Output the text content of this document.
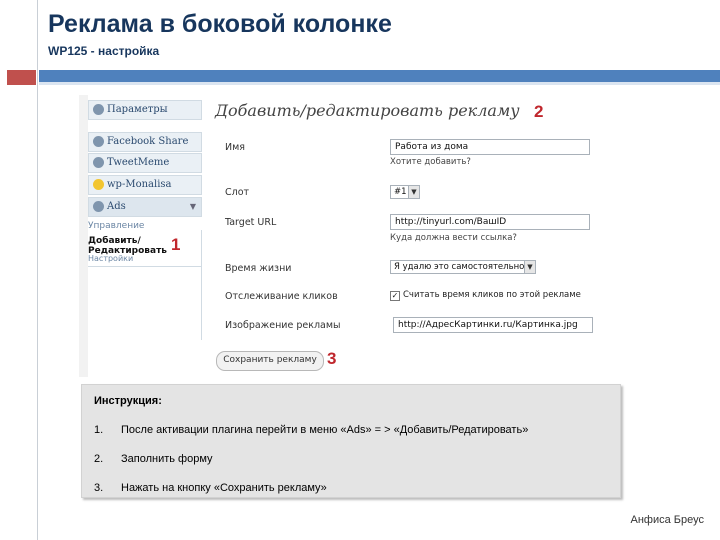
Реклама в боковой колонке
WP125 - настройка
Параметры
Facebook Share
TweetMeme
wp-Monalisa
Ads	▼
Управление
Добавить/
Редактировать
Настройки
1
2
3
Добавить/редактировать рекламу
Имя	Работа из дома
Хотите добавить?
Слот	#1 ▼
Target URL	http://tinyurl.com/ВашID
Куда должна вести ссылка?
Время жизни	Я удалю это самостоятельно ▼
Отслеживание кликов	✓ Считать время кликов по этой рекламе
Изображение рекламы	http://АдресКартинки.ru/Картинка.jpg
Сохранить рекламу
Инструкция:
1. После активации плагина перейти в меню «Ads» = > «Добавить/Редатировать»
2. Заполнить форму
3. Нажать на кнопку «Сохранить рекламу»
Анфиса Бреус
